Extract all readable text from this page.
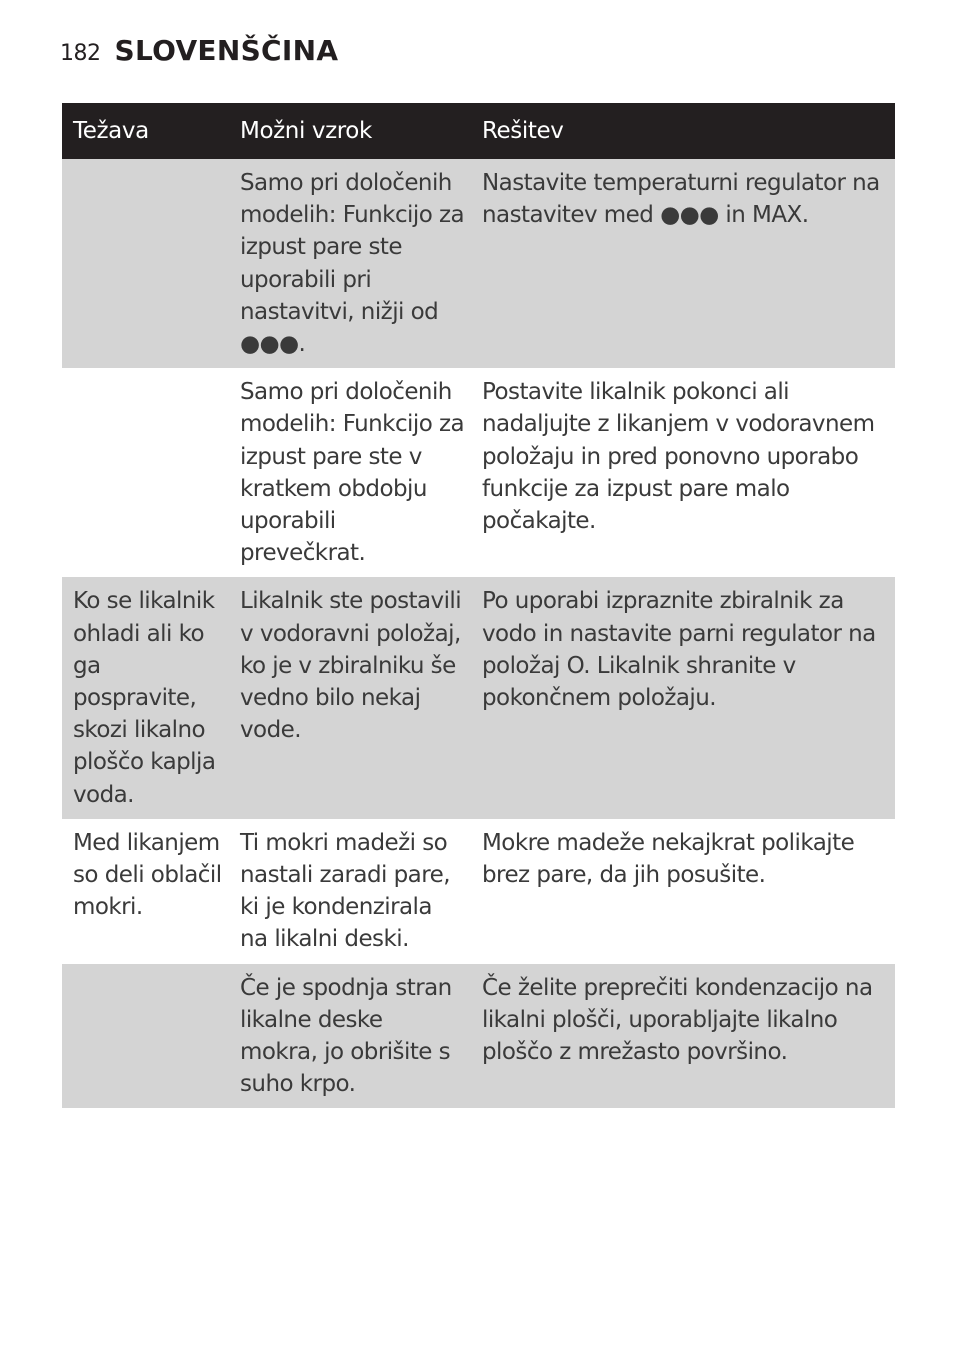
182 SLOVENŠČINA
Težava	Možni vzrok	Rešitev
	Samo pri določenih modelih: Funkcijo za izpust pare ste uporabili pri nastavitvi, nižji od ●●●.	Nastavite temperaturni regulator na nastavitev med ●●● in MAX.
	Samo pri določenih modelih: Funkcijo za izpust pare ste v kratkem obdobju uporabili prevečkrat.	Postavite likalnik pokonci ali nadaljujte z likanjem v vodoravnem položaju in pred ponovno uporabo funkcije za izpust pare malo počakajte.
Ko se likalnik ohladi ali ko ga pospravite, skozi likalno ploščo kaplja voda.	Likalnik ste postavili v vodoravni položaj, ko je v zbiralniku še vedno bilo nekaj vode.	Po uporabi izpraznite zbiralnik za vodo in nastavite parni regulator na položaj O. Likalnik shranite v pokončnem položaju.
Med likanjem so deli oblačil mokri.	Ti mokri madeži so nastali zaradi pare, ki je kondenzirala na likalni deski.	Mokre madeže nekajkrat polikajte brez pare, da jih posušite.
	Če je spodnja stran likalne deske mokra, jo obrišite s suho krpo.	Če želite preprečiti kondenzacijo na likalni plošči, uporabljajte likalno ploščo z mrežasto površino.
